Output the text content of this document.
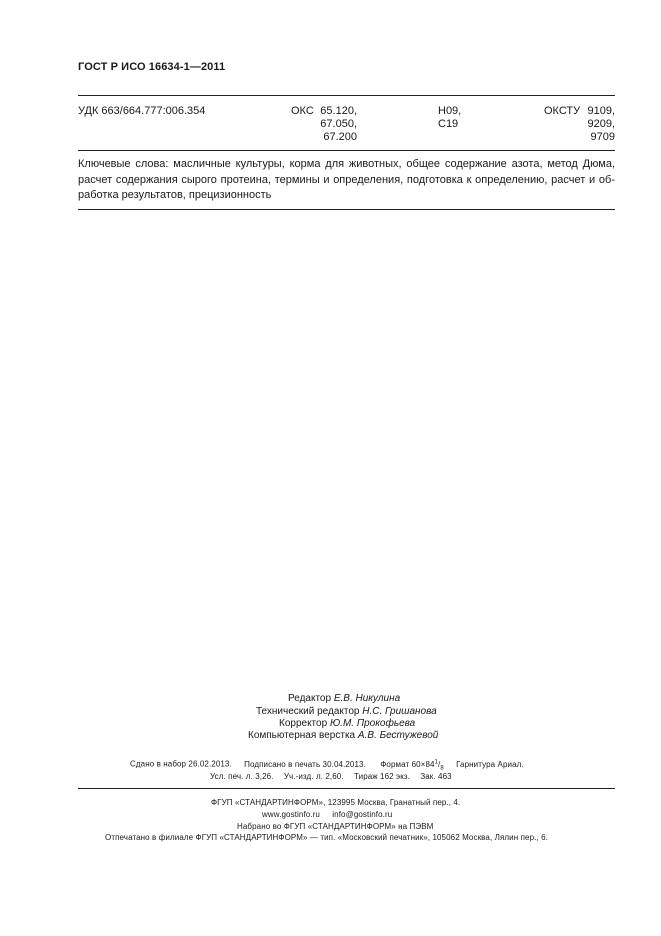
ГОСТ Р ИСО 16634-1—2011
УДК 663/664.777:006.354	ОКС 65.120,
67.050,
67.200
Н09,
С19
ОКСТУ 9109,
9209,
9709
Ключевые слова: масличные культуры, корма для животных, общее содержание азота, метод Дюма,
расчет содержания сырого протеина, термины и определения, подготовка к определению, расчет и об-
работка результатов, прецизионность
Редактор Е.В. Никулина
Технический редактор Н.С. Гришанова
Корректор Ю.М. Прокофьева
Компьютерная верстка А.В. Бестужевой
Сдано в набор 26.02.2013. Подписано в печать 30.04.2013. Формат $60\times 84^1/_8$ Гарнитура Ариал.
Усл. печ. л. 3,26. Уч.-изд. л. 2,60. Тираж 162 экз. Зак. 463
ФГУП «СТАНДАРТИНФОРМ», 123995 Москва, Гранатный пер., 4.
www.gostinfo.ru info@gostinfo.ru
Набрано во ФГУП «СТАНДАРТИНФОРМ» на ПЭВМ
Отпечатано в филиале ФГУП «СТАНДАРТИНФОРМ» — тип. «Московский печатник», 105062 Москва, Лялин пер., 6.
